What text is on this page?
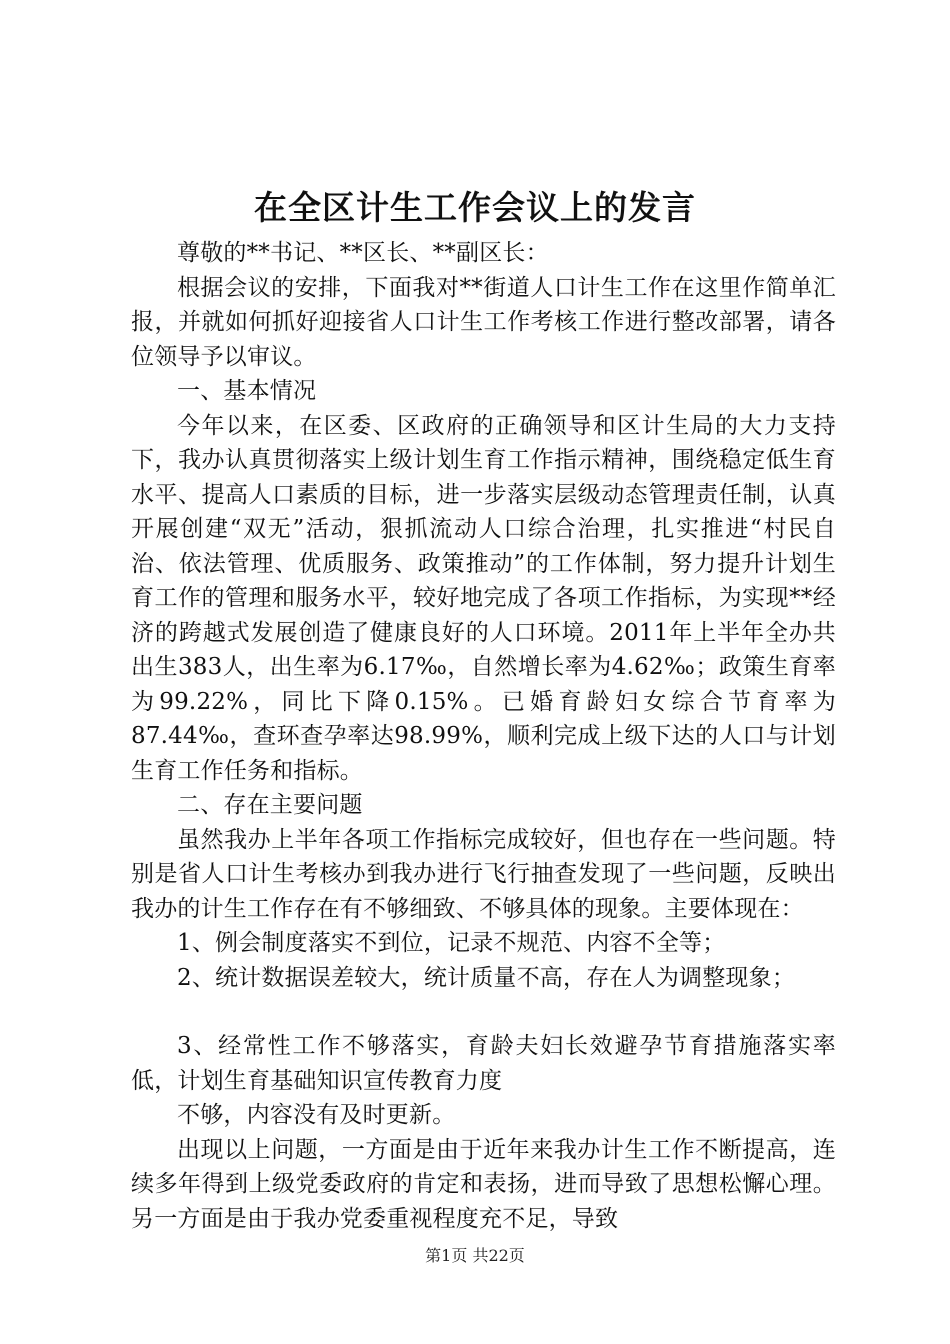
在全区计生工作会议上的发言

尊敬的**书记、**区长、**副区长：

根据会议的安排，下面我对**街道人口计生工作在这里作简单汇报，并就如何抓好迎接省人口计生工作考核工作进行整改部署，请各位领导予以审议。

一、基本情况

今年以来，在区委、区政府的正确领导和区计生局的大力支持下，我办认真贯彻落实上级计划生育工作指示精神，围绕稳定低生育水平、提高人口素质的目标，进一步落实层级动态管理责任制，认真开展创建“双无”活动，狠抓流动人口综合治理，扎实推进“村民自治、依法管理、优质服务、政策推动”的工作体制，努力提升计划生育工作的管理和服务水平，较好地完成了各项工作指标，为实现**经济的跨越式发展创造了健康良好的人口环境。2011年上半年全办共出生383人，出生率为6.17‰，自然增长率为4.62‰；政策生育率为99.22%，同比下降0.15%。已婚育龄妇女综合节育率为87.44‰，查环查孕率达98.99%，顺利完成上级下达的人口与计划生育工作任务和指标。

二、存在主要问题

虽然我办上半年各项工作指标完成较好，但也存在一些问题。特别是省人口计生考核办到我办进行飞行抽查发现了一些问题，反映出我办的计生工作存在有不够细致、不够具体的现象。主要体现在：

1、例会制度落实不到位，记录不规范、内容不全等；

2、统计数据误差较大，统计质量不高，存在人为调整现象；

3、经常性工作不够落实，育龄夫妇长效避孕节育措施落实率低，计划生育基础知识宣传教育力度

不够，内容没有及时更新。

出现以上问题，一方面是由于近年来我办计生工作不断提高，连续多年得到上级党委政府的肯定和表扬，进而导致了思想松懈心理。另一方面是由于我办党委重视程度充不足，导致

第1页 共22页
